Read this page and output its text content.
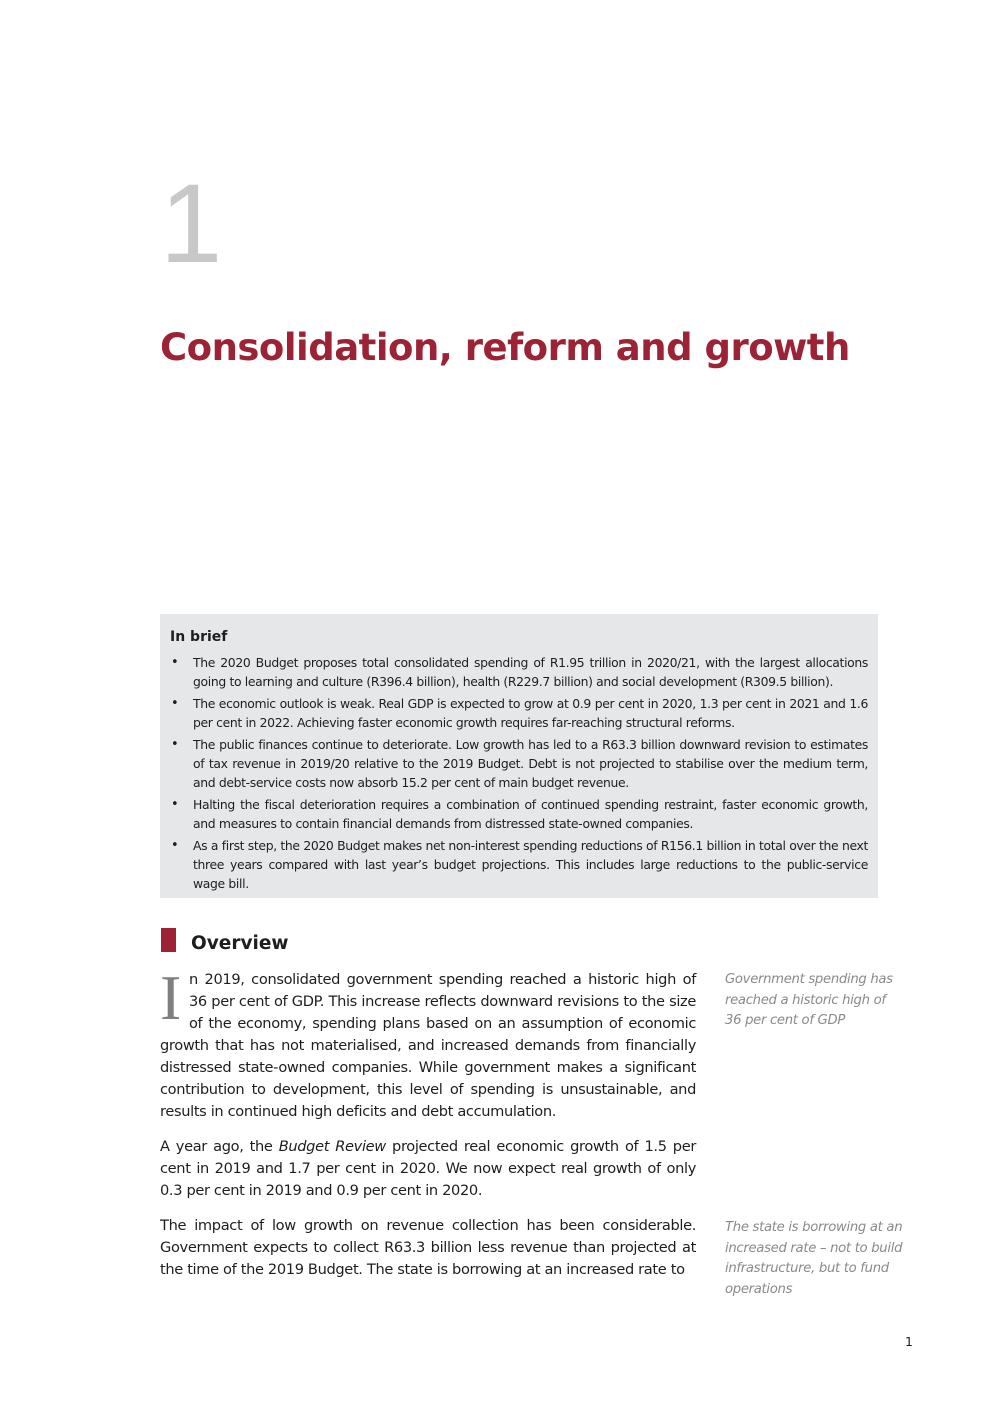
1
Consolidation, reform and growth
In brief
• The 2020 Budget proposes total consolidated spending of R1.95 trillion in 2020/21, with the largest allocations going to learning and culture (R396.4 billion), health (R229.7 billion) and social development (R309.5 billion).
• The economic outlook is weak. Real GDP is expected to grow at 0.9 per cent in 2020, 1.3 per cent in 2021 and 1.6 per cent in 2022. Achieving faster economic growth requires far-reaching structural reforms.
• The public finances continue to deteriorate. Low growth has led to a R63.3 billion downward revision to estimates of tax revenue in 2019/20 relative to the 2019 Budget. Debt is not projected to stabilise over the medium term, and debt-service costs now absorb 15.2 per cent of main budget revenue.
• Halting the fiscal deterioration requires a combination of continued spending restraint, faster economic growth, and measures to contain financial demands from distressed state-owned companies.
• As a first step, the 2020 Budget makes net non-interest spending reductions of R156.1 billion in total over the next three years compared with last year’s budget projections. This includes large reductions to the public-service wage bill.
Overview

In 2019, consolidated government spending reached a historic high of 36 per cent of GDP. This increase reflects downward revisions to the size of the economy, spending plans based on an assumption of economic growth that has not materialised, and increased demands from financially distressed state-owned companies. While government makes a significant contribution to development, this level of spending is unsustainable, and results in continued high deficits and debt accumulation.

A year ago, the Budget Review projected real economic growth of 1.5 per cent in 2019 and 1.7 per cent in 2020. We now expect real growth of only 0.3 per cent in 2019 and 0.9 per cent in 2020.

The impact of low growth on revenue collection has been considerable. Government expects to collect R63.3 billion less revenue than projected at the time of the 2019 Budget. The state is borrowing at an increased rate to

Government spending has reached a historic high of 36 per cent of GDP
The state is borrowing at an increased rate – not to build infrastructure, but to fund operations
1
